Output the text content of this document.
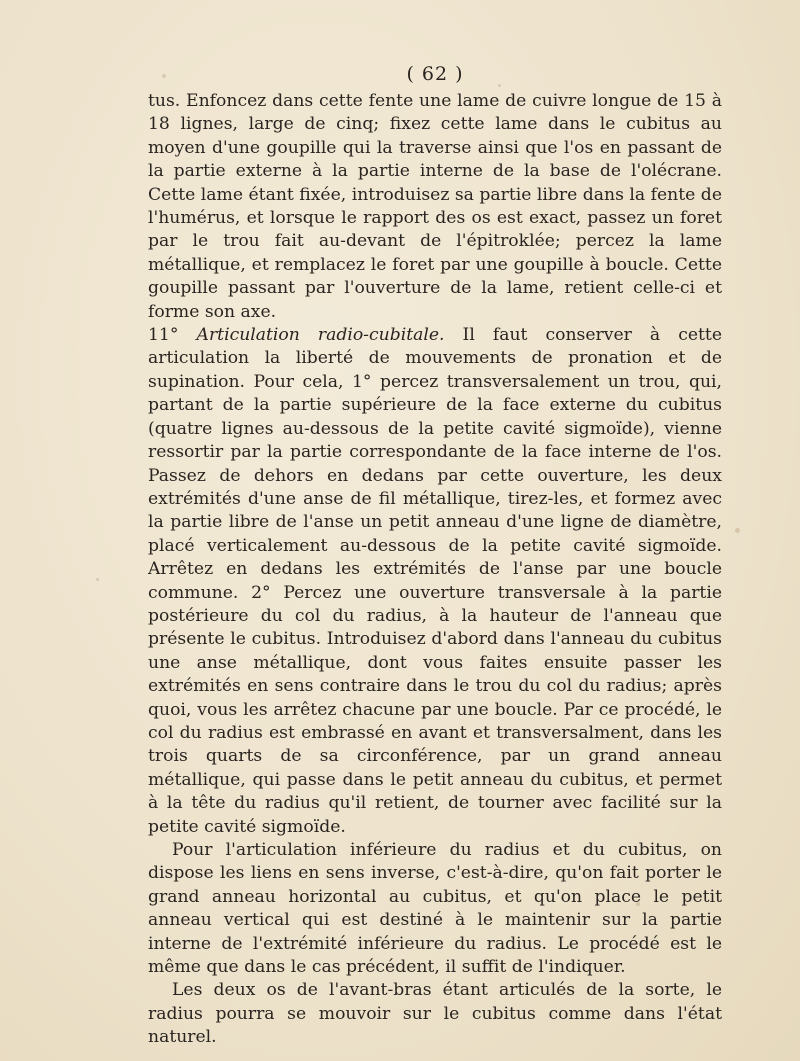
( 62 )

tus. Enfoncez dans cette fente une lame de cuivre longue de 15 à 18 lignes, large de cinq; fixez cette lame dans le cubitus au moyen d'une goupille qui la traverse ainsi que l'os en passant de la partie externe à la partie interne de la base de l'olécrane. Cette lame étant fixée, introduisez sa partie libre dans la fente de l'humérus, et lorsque le rapport des os est exact, passez un foret par le trou fait au-devant de l'épitroklée; percez la lame métallique, et remplacez le foret par une goupille à boucle. Cette goupille passant par l'ouverture de la lame, retient celle-ci et forme son axe.

11° Articulation radio-cubitale. Il faut conserver à cette articulation la liberté de mouvements de pronation et de supination. Pour cela, 1° percez transversalement un trou, qui, partant de la partie supérieure de la face externe du cubitus (quatre lignes au-dessous de la petite cavité sigmoïde), vienne ressortir par la partie correspondante de la face interne de l'os. Passez de dehors en dedans par cette ouverture, les deux extrémités d'une anse de fil métallique, tirez-les, et formez avec la partie libre de l'anse un petit anneau d'une ligne de diamètre, placé verticalement au-dessous de la petite cavité sigmoïde. Arrêtez en dedans les extrémités de l'anse par une boucle commune. 2° Percez une ouverture transversale à la partie postérieure du col du radius, à la hauteur de l'anneau que présente le cubitus. Introduisez d'abord dans l'anneau du cubitus une anse métallique, dont vous faites ensuite passer les extrémités en sens contraire dans le trou du col du radius; après quoi, vous les arrêtez chacune par une boucle. Par ce procédé, le col du radius est embrassé en avant et transversalment, dans les trois quarts de sa circonférence, par un grand anneau métallique, qui passe dans le petit anneau du cubitus, et permet à la tête du radius qu'il retient, de tourner avec facilité sur la petite cavité sigmoïde.

Pour l'articulation inférieure du radius et du cubitus, on dispose les liens en sens inverse, c'est-à-dire, qu'on fait porter le grand anneau horizontal au cubitus, et qu'on place le petit anneau vertical qui est destiné à le maintenir sur la partie interne de l'extrémité inférieure du radius. Le procédé est le même que dans le cas précédent, il suffit de l'indiquer.

Les deux os de l'avant-bras étant articulés de la sorte, le radius pourra se mouvoir sur le cubitus comme dans l'état naturel.
